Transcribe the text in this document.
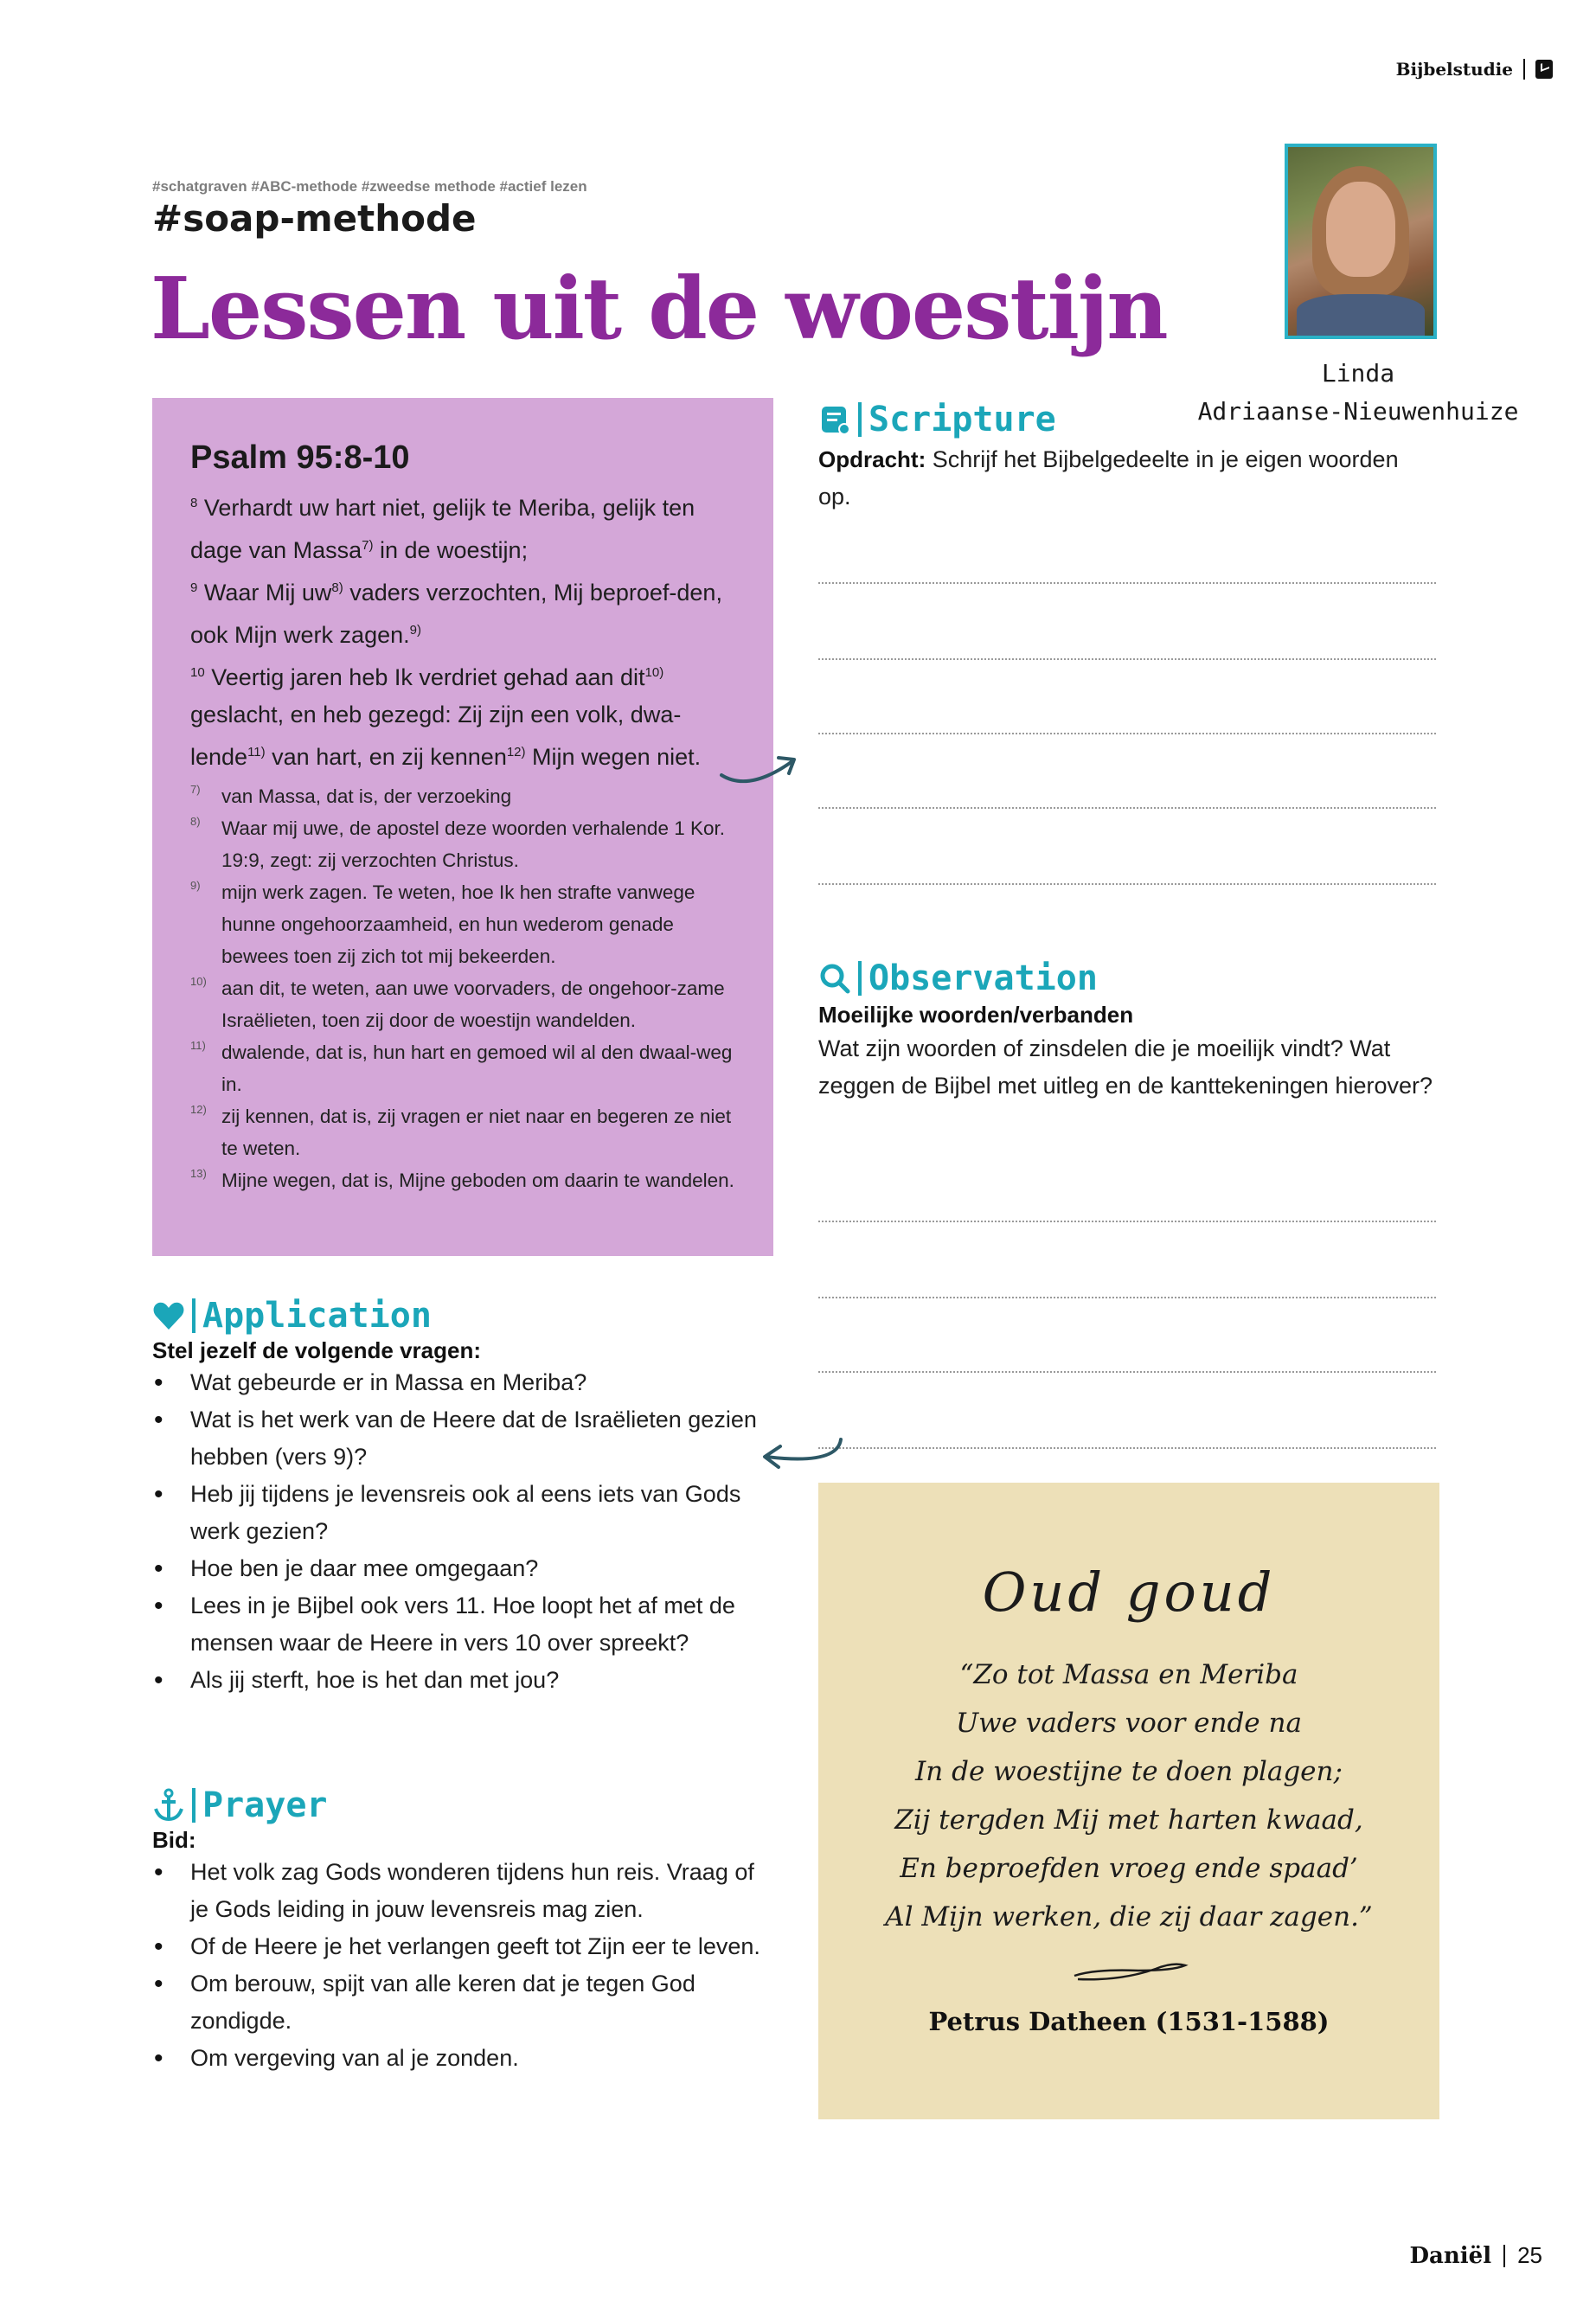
Bijbelstudie
#schatgraven #ABC-methode #zweedse methode #actief lezen
#soap-methode
Lessen uit de woestijn
Linda
Adriaanse-Nieuwenhuize
Psalm 95:8-10
$^8$ Verhardt uw hart niet, gelijk te Meriba, gelijk ten dage van Massa$^{7)}$ in de woestijn;
$^9$ Waar Mij $uw^{8)}$ vaders verzochten, Mij beproef-den, ook Mijn werk zagen.$^{9)}$
$^{10}$ Veertig jaren heb Ik verdriet gehad aan dit$^{10)}$ geslacht, en heb gezegd: Zij zijn een volk, dwa-lende$^{11)}$ van hart, en zij kennen$^{12)}$ Mijn wegen niet.
7)	van Massa, dat is, der verzoeking
8)	Waar mij uwe, de apostel deze woorden verhalende 1 Kor. 19:9, zegt: zij verzochten Christus.
9)	mijn werk zagen. Te weten, hoe Ik hen strafte vanwege hunne ongehoorzaamheid, en hun wederom genade bewees toen zij zich tot mij bekeerden.
10) aan dit, te weten, aan uwe voorvaders, de ongehoor-zame Israëlieten, toen zij door de woestijn wandelden.
11) dwalende, dat is, hun hart en gemoed wil al den dwaal-weg in.
12) zij kennen, dat is, zij vragen er niet naar en begeren ze niet te weten.
13) Mijne wegen, dat is, Mijne geboden om daarin te wandelen.
Scripture
Opdracht: Schrijf het Bijbelgedeelte in je eigen woorden op.
Observation
Moeilijke woorden/verbanden
Wat zijn woorden of zinsdelen die je moeilijk vindt? Wat zeggen de Bijbel met uitleg en de kanttekeningen hierover?
Application
Stel jezelf de volgende vragen:
• Wat gebeurde er in Massa en Meriba?
• Wat is het werk van de Heere dat de Israëlieten gezien hebben (vers 9)?
• Heb jij tijdens je levensreis ook al eens iets van Gods werk gezien?
• Hoe ben je daar mee omgegaan?
• Lees in je Bijbel ook vers 11. Hoe loopt het af met de mensen waar de Heere in vers 10 over spreekt?
• Als jij sterft, hoe is het dan met jou?
Prayer
Bid:
• Het volk zag Gods wonderen tijdens hun reis. Vraag of je Gods leiding in jouw levensreis mag zien.
• Of de Heere je het verlangen geeft tot Zijn eer te leven.
• Om berouw, spijt van alle keren dat je tegen God zondigde.
• Om vergeving van al je zonden.
Oud goud
“Zo tot Massa en Meriba
Uwe vaders voor ende na
In de woestijne te doen plagen;
Zij tergden Mij met harten kwaad,
En beproefden vroeg ende spaad’
Al Mijn werken, die zij daar zagen.”
Petrus Datheen (1531-1588)
Daniël 25
